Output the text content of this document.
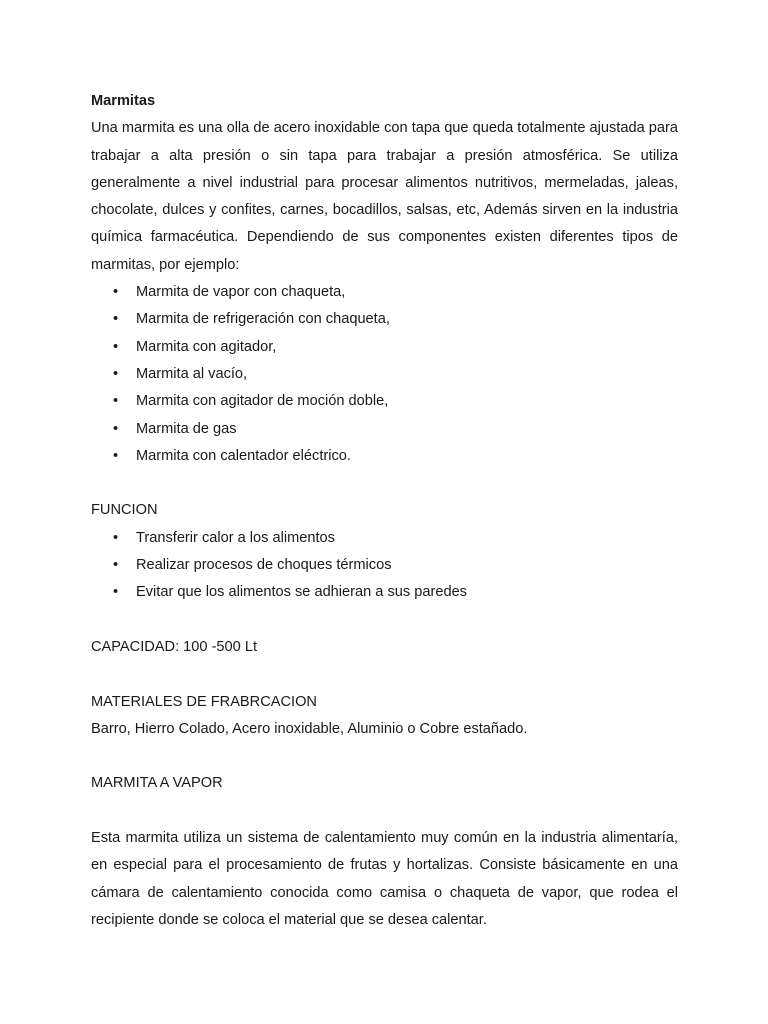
Marmitas

Una marmita es una olla de acero inoxidable con tapa que queda totalmente ajustada para trabajar a alta presión o sin tapa para trabajar a presión atmosférica. Se utiliza generalmente a nivel industrial para procesar alimentos nutritivos, mermeladas, jaleas, chocolate, dulces y confites, carnes, bocadillos, salsas, etc, Además sirven en la industria química farmacéutica. Dependiendo de sus componentes existen diferentes tipos de marmitas, por ejemplo:

• Marmita de vapor con chaqueta,
• Marmita de refrigeración con chaqueta,
• Marmita con agitador,
• Marmita al vacío,
• Marmita con agitador de moción doble,
• Marmita de gas
• Marmita con calentador eléctrico.

FUNCION

• Transferir calor a los alimentos
• Realizar procesos de choques térmicos
• Evitar que los alimentos se adhieran a sus paredes

CAPACIDAD: 100 -500 Lt

MATERIALES DE FRABRCACION

Barro, Hierro Colado, Acero inoxidable, Aluminio o Cobre estañado.

MARMITA A VAPOR

Esta marmita utiliza un sistema de calentamiento muy común en la industria alimentaría, en especial para el procesamiento de frutas y hortalizas. Consiste básicamente en una cámara de calentamiento conocida como camisa o chaqueta de vapor, que rodea el recipiente donde se coloca el material que se desea calentar.
